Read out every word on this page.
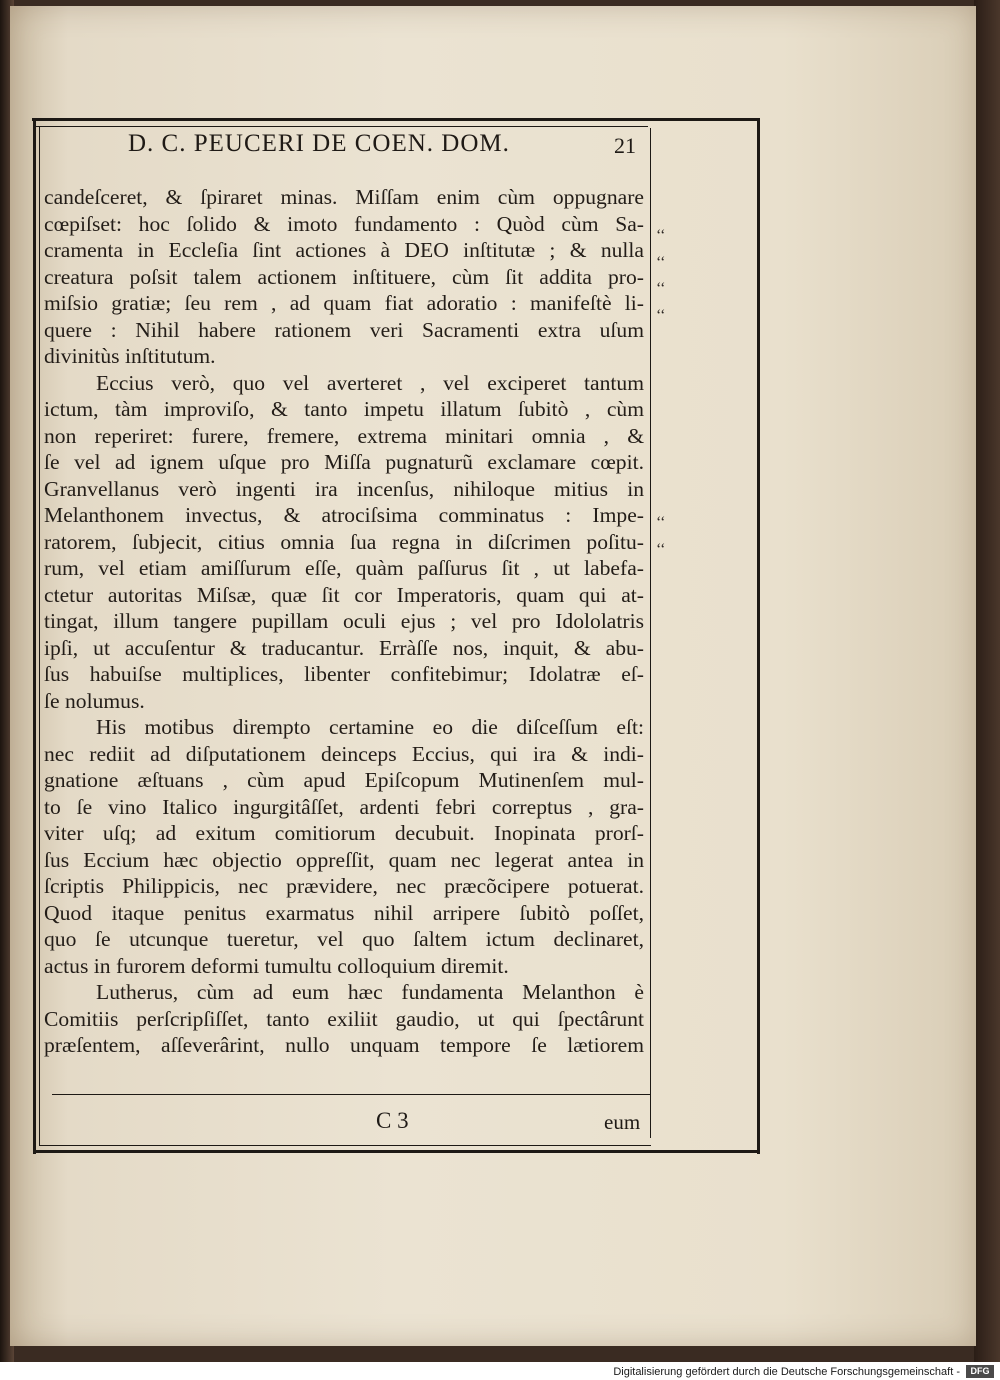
D. C. PEUCERI DE COEN. DOM.	21
candeſceret, & ſpiraret minas. Miſſam enim cùm oppugnare
cœpiſset: hoc ſolido & imoto fundamento : Quòd cùm Sa-
cramenta in Eccleſia ſint actiones à DEO inſtitutæ ; & nulla
creatura poſsit talem actionem inſtituere, cùm ſit addita pro-
miſsio gratiæ; ſeu rem , ad quam fiat adoratio : manifeſtè li-
quere : Nihil habere rationem veri Sacramenti extra uſum
divinitùs inſtitutum.
Eccius verò, quo vel averteret , vel exciperet tantum
ictum, tàm improviſo, & tanto impetu illatum ſubitò , cùm
non reperiret: furere, fremere, extrema minitari omnia , &
ſe vel ad ignem uſque pro Miſſa pugnaturũ exclamare cœpit.
Granvellanus verò ingenti ira incenſus, nihiloque mitius in
Melanthonem invectus, & atrociſsima comminatus : Impe-
ratorem, ſubjecit, citius omnia ſua regna in diſcrimen poſitu-
rum, vel etiam amiſſurum eſſe, quàm paſſurus ſit , ut labefa-
ctetur autoritas Miſsæ, quæ ſit cor Imperatoris, quam qui at-
tingat, illum tangere pupillam oculi ejus ; vel pro Idololatris
ipſi, ut accuſentur & traducantur. Erràſſe nos, inquit, & abu-
ſus habuiſse multiplices, libenter confitebimur; Idolatræ eſ-
ſe nolumus.
His motibus dirempto certamine eo die diſceſſum eſt:
nec rediit ad diſputationem deinceps Eccius, qui ira & indi-
gnatione æſtuans , cùm apud Epiſcopum Mutinenſem mul-
to ſe vino Italico ingurgitâſſet, ardenti febri correptus , gra-
viter uſq; ad exitum comitiorum decubuit. Inopinata prorſ-
ſus Eccium hæc objectio oppreſſit, quam nec legerat antea in
ſcriptis Philippicis, nec prævidere, nec præcõcipere potuerat.
Quod itaque penitus exarmatus nihil arripere ſubitò poſſet,
quo ſe utcunque tueretur, vel quo ſaltem ictum declinaret,
actus in furorem deformi tumultu colloquium diremit.
Lutherus, cùm ad eum hæc fundamenta Melanthon è
Comitiis perſcripſiſſet, tanto exiliit gaudio, ut qui ſpectârunt
præſentem, aſſeverârint, nullo unquam tempore ſe lætiorem
‘‘
‘‘
‘‘
‘‘
‘‘
‘‘
C 3	eum
Digitalisierung gefördert durch die Deutsche Forschungsgemeinschaft -	DFG
